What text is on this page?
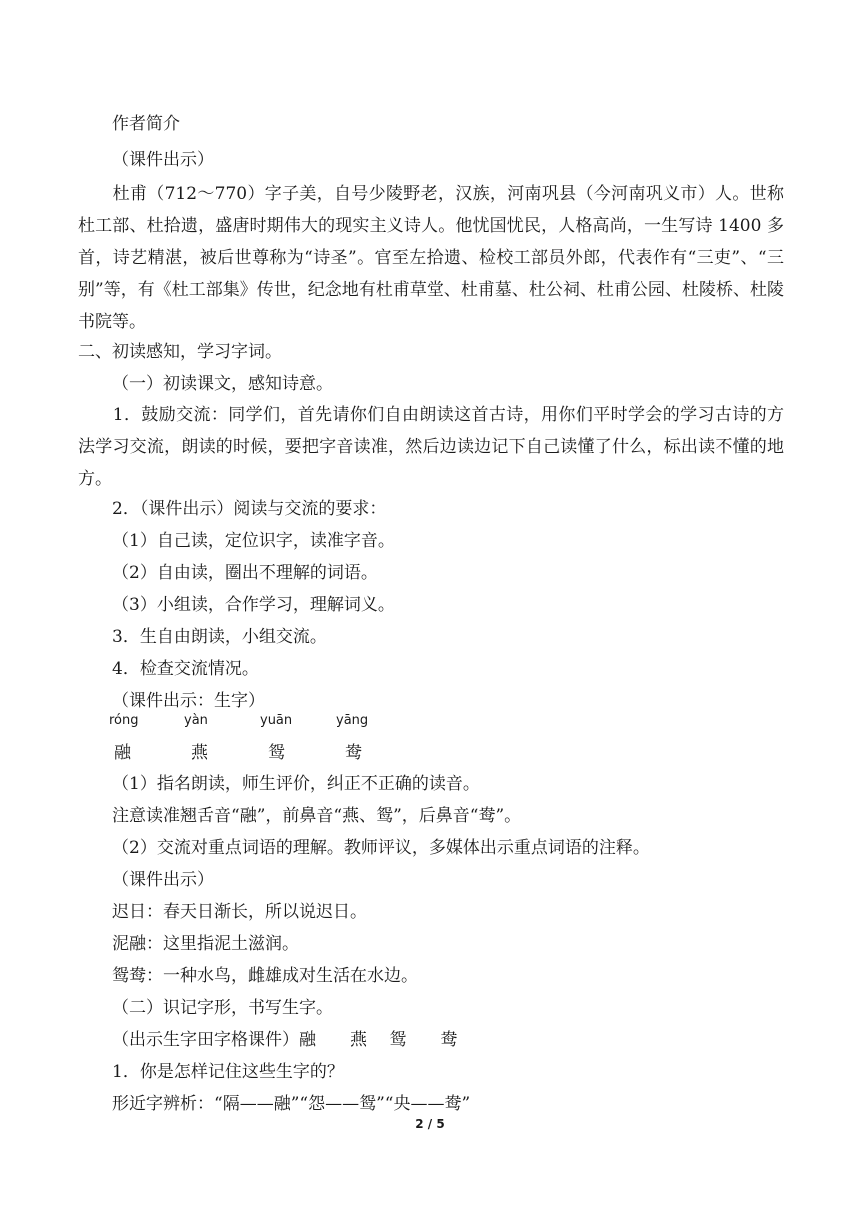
作者简介
（课件出示）
　　杜甫（712～770）字子美，自号少陵野老，汉族，河南巩县（今河南巩义市）人。世称杜工部、杜拾遗，盛唐时期伟大的现实主义诗人。他忧国忧民，人格高尚，一生写诗 1400 多首，诗艺精湛，被后世尊称为“诗圣”。官至左拾遗、检校工部员外郎，代表作有“三吏”、“三别”等，有《杜工部集》传世，纪念地有杜甫草堂、杜甫墓、杜公祠、杜甫公园、杜陵桥、杜陵书院等。
二、初读感知，学习字词。
（一）初读课文，感知诗意。
　　1．鼓励交流：同学们，首先请你们自由朗读这首古诗，用你们平时学会的学习古诗的方法学习交流，朗读的时候，要把字音读准，然后边读边记下自己读懂了什么，标出读不懂的地方。
2．（课件出示）阅读与交流的要求：
（1）自己读，定位识字，读准字音。
（2）自由读，圈出不理解的词语。
（3）小组读，合作学习，理解词义。
3．生自由朗读，小组交流。
4．检查交流情况。
（课件出示：生字）
róng	yàn	yuān	yāng
融	燕	鸳	鸯
（1）指名朗读，师生评价，纠正不正确的读音。
注意读准翘舌音“融”，前鼻音“燕、鸳”，后鼻音“鸯”。
（2）交流对重点词语的理解。教师评议，多媒体出示重点词语的注释。
（课件出示）
迟日：春天日渐长，所以说迟日。
泥融：这里指泥土滋润。
鸳鸯：一种水鸟，雌雄成对生活在水边。
（二）识记字形，书写生字。
（出示生字田字格课件）融　　燕　 鸳　　鸯
1．你是怎样记住这些生字的？
形近字辨析：“隔——融”“怨——鸳”“央——鸯”
2 / 5
